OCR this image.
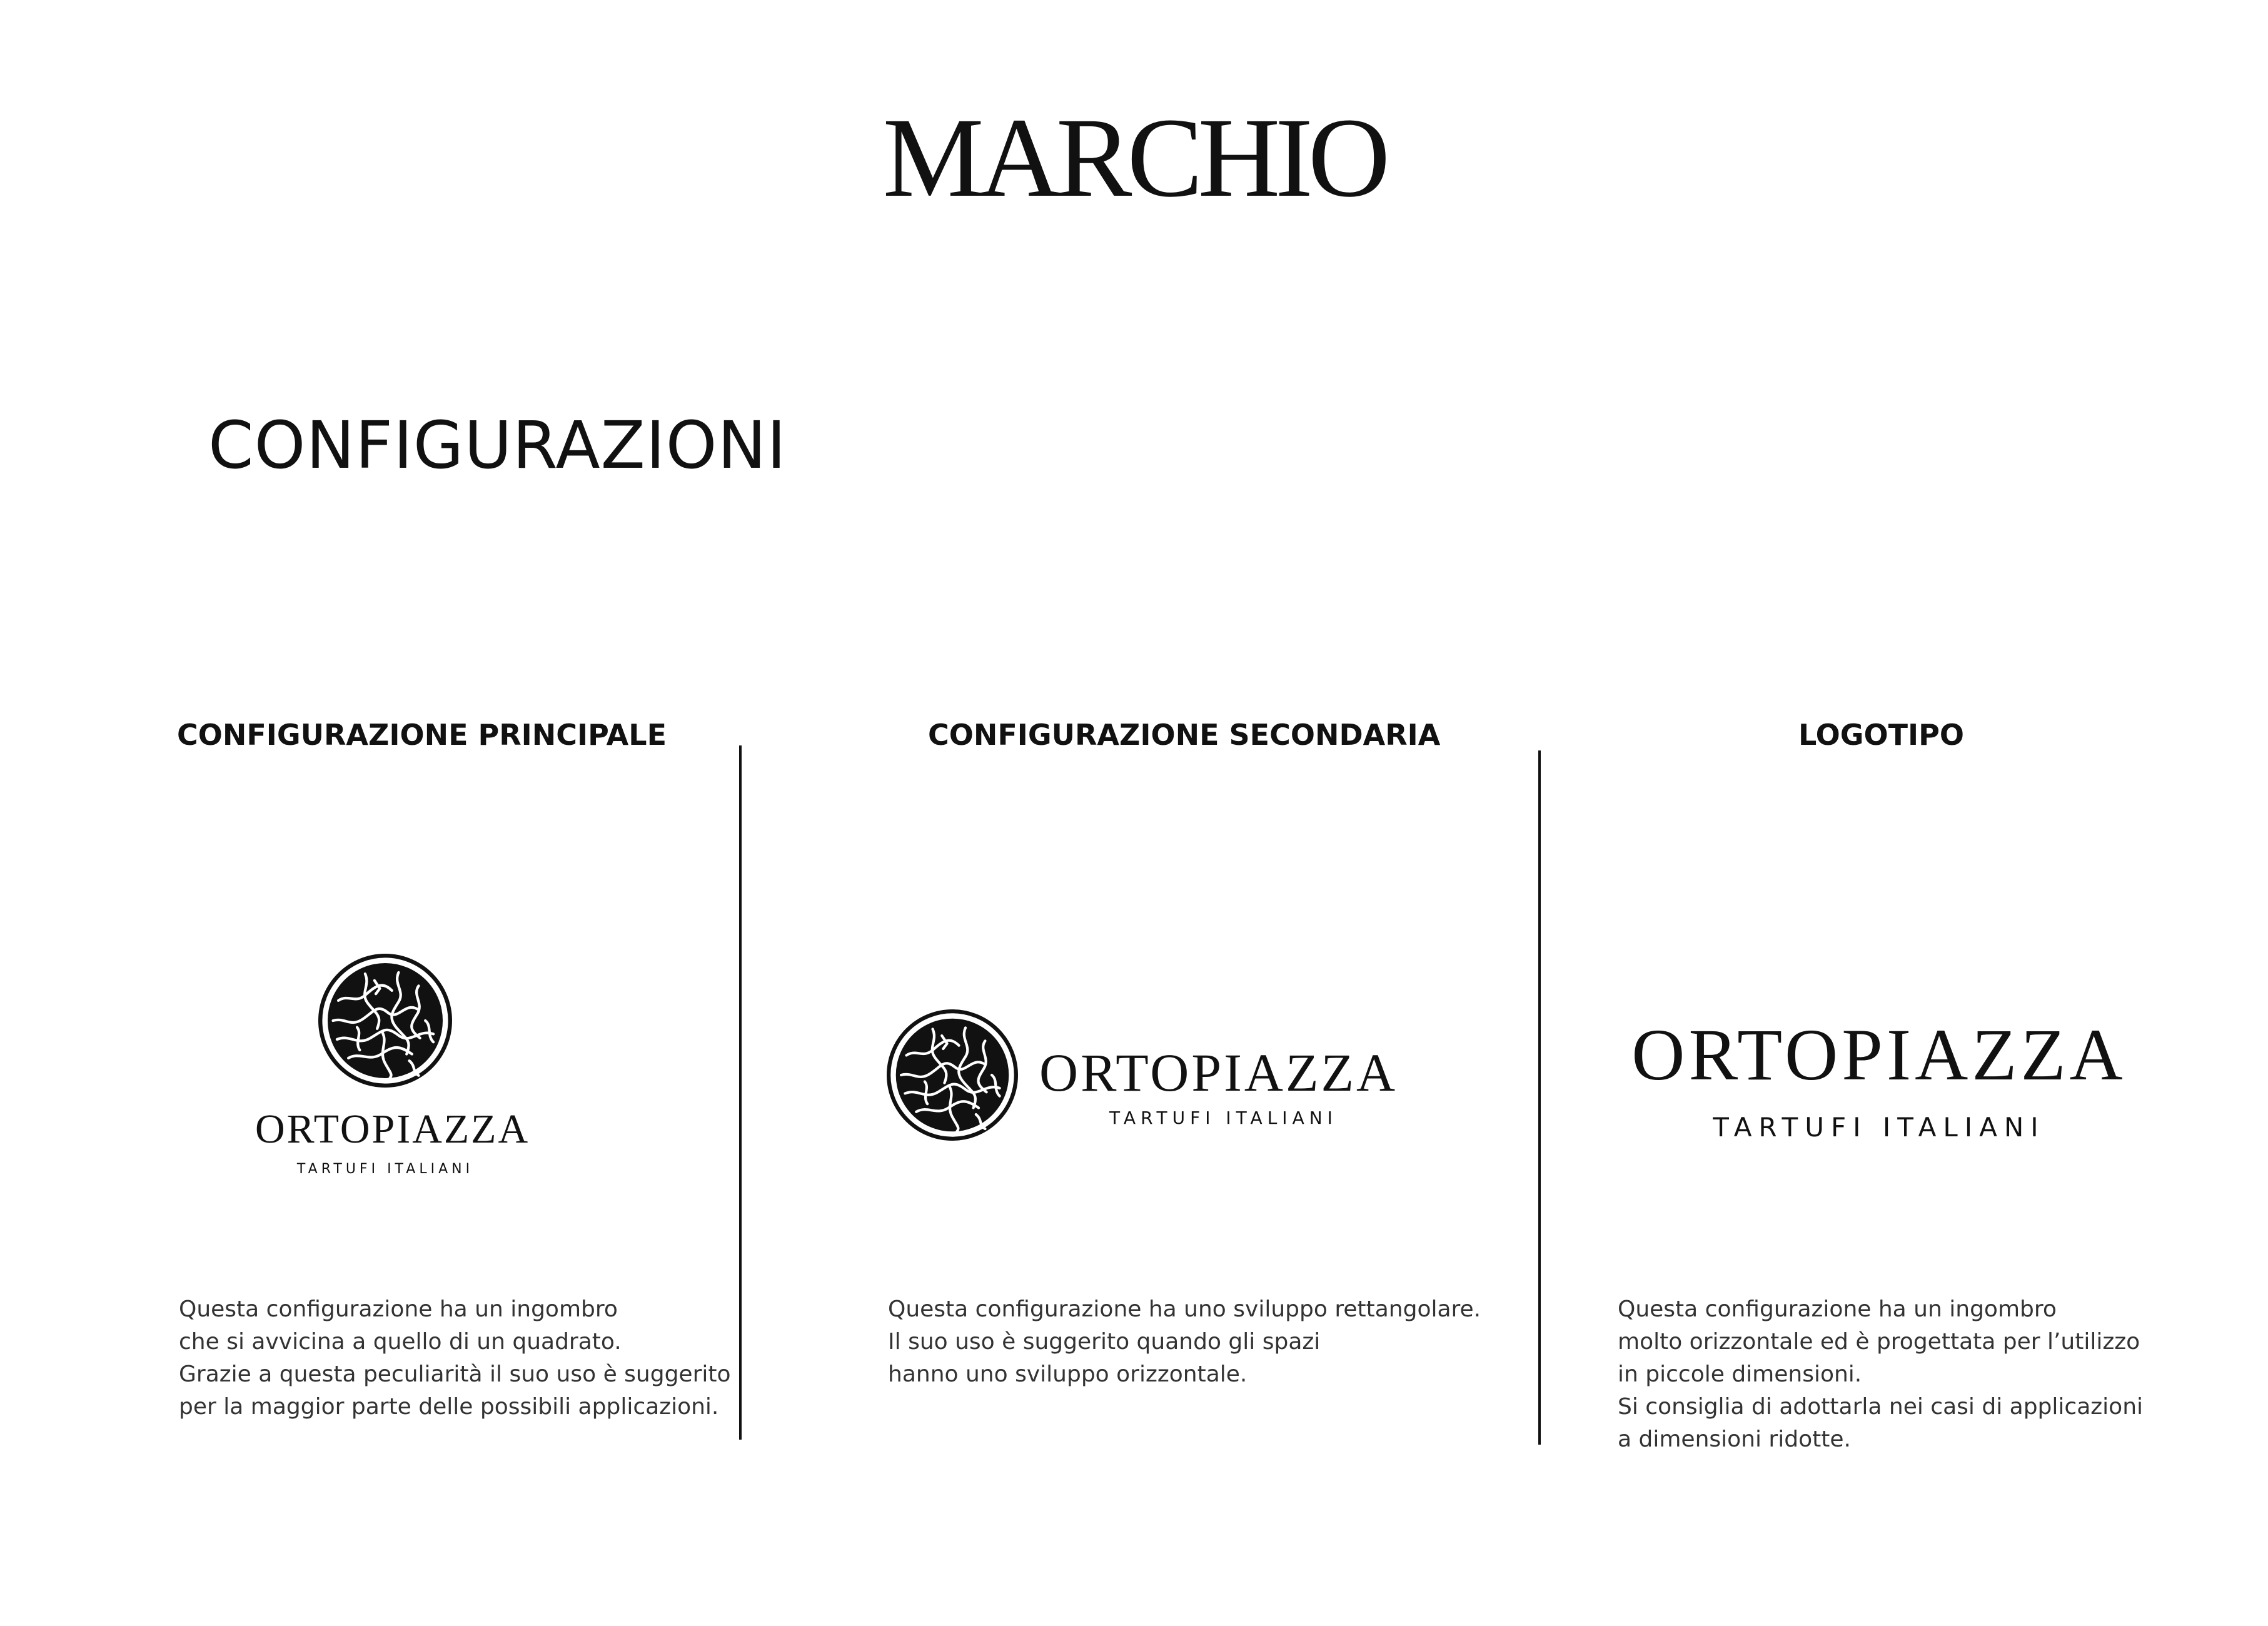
MARCHIO
CONFIGURAZIONI
CONFIGURAZIONE PRINCIPALE	CONFIGURAZIONE SECONDARIA	LOGOTIPO
ORTOPIAZZA
TARTUFI ITALIANI
ORTOPIAZZA
TARTUFI ITALIANI
ORTOPIAZZA
TARTUFI ITALIANI

Questa configurazione ha un ingombro

che si avvicina a quello di un quadrato.

Grazie a questa peculiarità il suo uso è suggerito

per la maggior parte delle possibili applicazioni.

Questa configurazione ha uno sviluppo rettangolare.

Il suo uso è suggerito quando gli spazi

hanno uno sviluppo orizzontale.

Questa configurazione ha un ingombro

molto orizzontale ed è progettata per l’utilizzo

in piccole dimensioni.

Si consiglia di adottarla nei casi di applicazioni

a dimensioni ridotte.
